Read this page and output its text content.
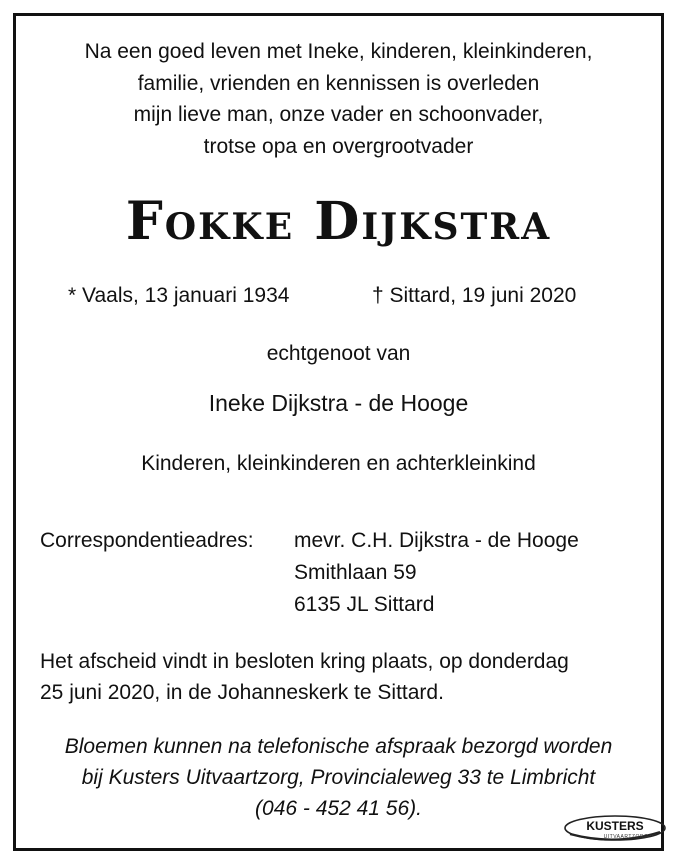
Na een goed leven met Ineke, kinderen, kleinkinderen,
familie, vrienden en kennissen is overleden
mijn lieve man, onze vader en schoonvader,
trotse opa en overgrootvader
Fokke Dijkstra
* Vaals, 13 januari 1934	† Sittard, 19 juni 2020
echtgenoot van
Ineke Dijkstra - de Hooge
Kinderen, kleinkinderen en achterkleinkind
Correspondentieadres: mevr. C.H. Dijkstra - de Hooge
Smithlaan 59
6135 JL Sittard
Het afscheid vindt in besloten kring plaats, op donderdag
25 juni 2020, in de Johanneskerk te Sittard.
Bloemen kunnen na telefonische afspraak bezorgd worden
bij Kusters Uitvaartzorg, Provincialeweg 33 te Limbricht
(046 - 452 41 56).
KUSTERS
UITVAARTZORG
